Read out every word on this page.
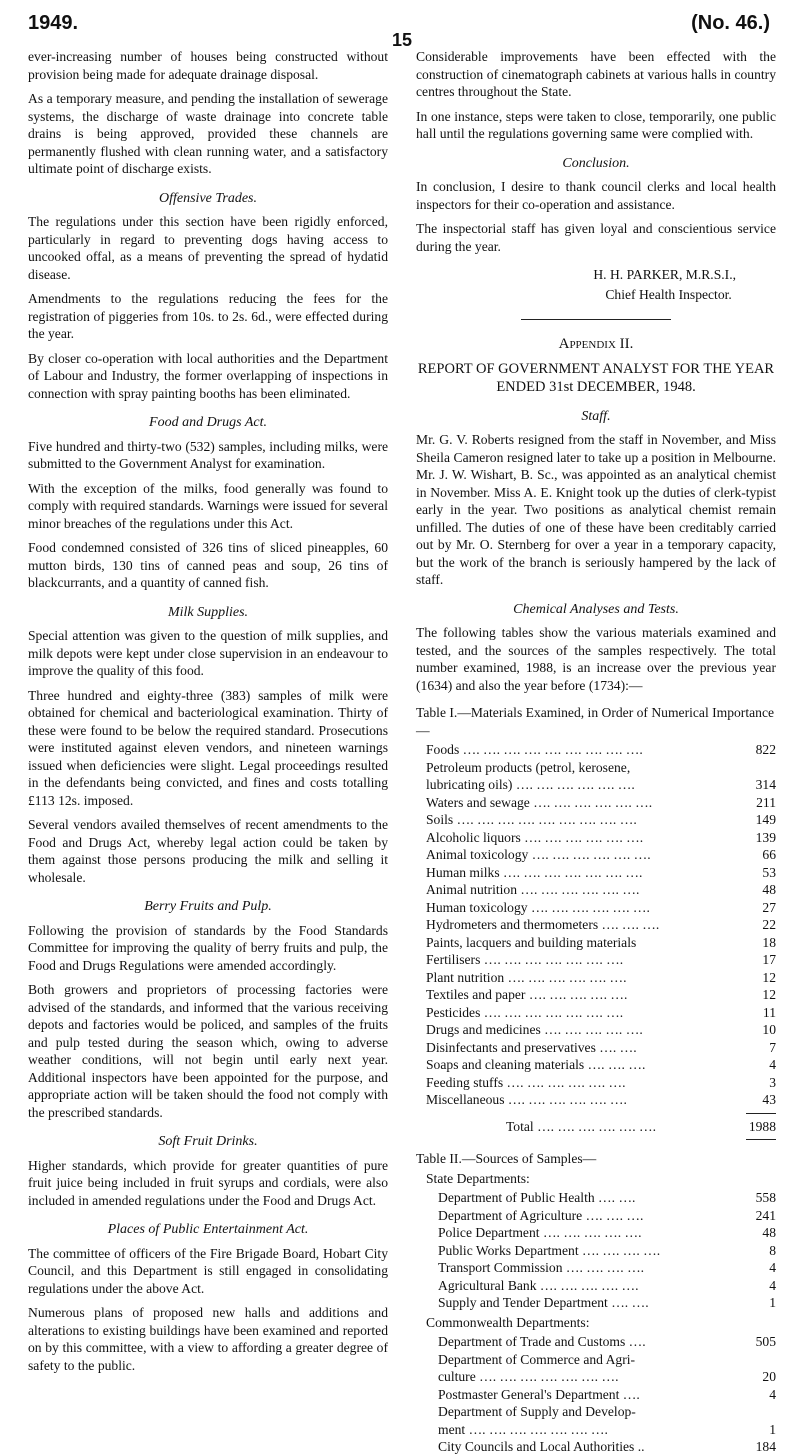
1949.
15
(No. 46.)

ever-increasing number of houses being constructed without provision being made for adequate drainage disposal.

As a temporary measure, and pending the installation of sewerage systems, the discharge of waste drainage into concrete table drains is being approved, provided these channels are permanently flushed with clean running water, and a satisfactory ultimate point of discharge exists.

Offensive Trades.

The regulations under this section have been rigidly enforced, particularly in regard to preventing dogs having access to uncooked offal, as a means of preventing the spread of hydatid disease.

Amendments to the regulations reducing the fees for the registration of piggeries from 10s. to 2s. 6d., were effected during the year.

By closer co-operation with local authorities and the Department of Labour and Industry, the former overlapping of inspections in connection with spray painting booths has been eliminated.

Food and Drugs Act.

Five hundred and thirty-two (532) samples, including milks, were submitted to the Government Analyst for examination.

With the exception of the milks, food generally was found to comply with required standards. Warnings were issued for several minor breaches of the regulations under this Act.

Food condemned consisted of 326 tins of sliced pineapples, 60 mutton birds, 130 tins of canned peas and soup, 26 tins of blackcurrants, and a quantity of canned fish.

Milk Supplies.

Special attention was given to the question of milk supplies, and milk depots were kept under close supervision in an endeavour to improve the quality of this food.

Three hundred and eighty-three (383) samples of milk were obtained for chemical and bacteriological examination. Thirty of these were found to be below the required standard. Prosecutions were instituted against eleven vendors, and nineteen warnings issued when deficiencies were slight. Legal proceedings resulted in the defendants being convicted, and fines and costs totalling £113 12s. imposed.

Several vendors availed themselves of recent amendments to the Food and Drugs Act, whereby legal action could be taken by them against those persons producing the milk and selling it wholesale.

Berry Fruits and Pulp.

Following the provision of standards by the Food Standards Committee for improving the quality of berry fruits and pulp, the Food and Drugs Regulations were amended accordingly.

Both growers and proprietors of processing factories were advised of the standards, and informed that the various receiving depots and factories would be policed, and samples of the fruits and pulp tested during the season which, owing to adverse weather conditions, will not begin until early next year. Additional inspectors have been appointed for the purpose, and appropriate action will be taken should the food not comply with the prescribed standards.

Soft Fruit Drinks.

Higher standards, which provide for greater quantities of pure fruit juice being included in fruit syrups and cordials, were also included in amended regulations under the Food and Drugs Act.

Places of Public Entertainment Act.

The committee of officers of the Fire Brigade Board, Hobart City Council, and this Department is still engaged in consolidating regulations under the above Act.

Numerous plans of proposed new halls and additions and alterations to existing buildings have been examined and reported on by this committee, with a view to affording a greater degree of safety to the public.

Considerable improvements have been effected with the construction of cinematograph cabinets at various halls in country centres throughout the State.

In one instance, steps were taken to close, temporarily, one public hall until the regulations governing same were complied with.

Conclusion.

In conclusion, I desire to thank council clerks and local health inspectors for their co-operation and assistance.

The inspectorial staff has given loyal and conscientious service during the year.

H. H. PARKER, M.R.S.I.,
Chief Health Inspector.
Appendix II.
REPORT OF GOVERNMENT ANALYST FOR THE YEAR ENDED 31st DECEMBER, 1948.
Staff.

Mr. G. V. Roberts resigned from the staff in November, and Miss Sheila Cameron resigned later to take up a position in Melbourne. Mr. J. W. Wishart, B. Sc., was appointed as an analytical chemist in November. Miss A. E. Knight took up the duties of clerk-typist early in the year. Two positions as analytical chemist remain unfilled. The duties of one of these have been creditably carried out by Mr. O. Sternberg for over a year in a temporary capacity, but the work of the branch is seriously hampered by the lack of staff.

Chemical Analyses and Tests.

The following tables show the various materials examined and tested, and the sources of the samples respectively. The total number examined, 1988, is an increase over the previous year (1634) and also the year before (1734):—

Table I.—Materials Examined, in Order of Numerical Importance—
Foods …. …. …. …. …. …. …. …. ….	822
Petroleum products (petrol, kerosene,
lubricating oils) …. …. …. …. …. ….	314
Waters and sewage …. …. …. …. …. ….	211
Soils …. …. …. …. …. …. …. …. ….	149
Alcoholic liquors …. …. …. …. …. ….	139
Animal toxicology …. …. …. …. …. ….	66
Human milks …. …. …. …. …. …. ….	53
Animal nutrition …. …. …. …. …. ….	48
Human toxicology …. …. …. …. …. ….	27
Hydrometers and thermometers …. …. ….	22
Paints, lacquers and building materials	18
Fertilisers …. …. …. …. …. …. ….	17
Plant nutrition …. …. …. …. …. ….	12
Textiles and paper …. …. …. …. ….	12
Pesticides …. …. …. …. …. …. ….	11
Drugs and medicines …. …. …. …. ….	10
Disinfectants and preservatives …. ….	7
Soaps and cleaning materials …. …. ….	4
Feeding stuffs …. …. …. …. …. ….	3
Miscellaneous …. …. …. …. …. ….	43
Total …. …. …. …. …. ….	1988
Table II.—Sources of Samples—
State Departments:
Department of Public Health …. ….	558
Department of Agriculture …. …. ….	241
Police Department …. …. …. …. ….	48
Public Works Department …. …. …. ….	8
Transport Commission …. …. …. ….	4
Agricultural Bank …. …. …. …. ….	4
Supply and Tender Department …. ….	1
Commonwealth Departments:
Department of Trade and Customs ….	505
Department of Commerce and Agri-
culture …. …. …. …. …. …. ….	20
Postmaster General's Department ….	4
Department of Supply and Develop-
ment …. …. …. …. …. …. ….	1
City Councils and Local Authorities ..	184
